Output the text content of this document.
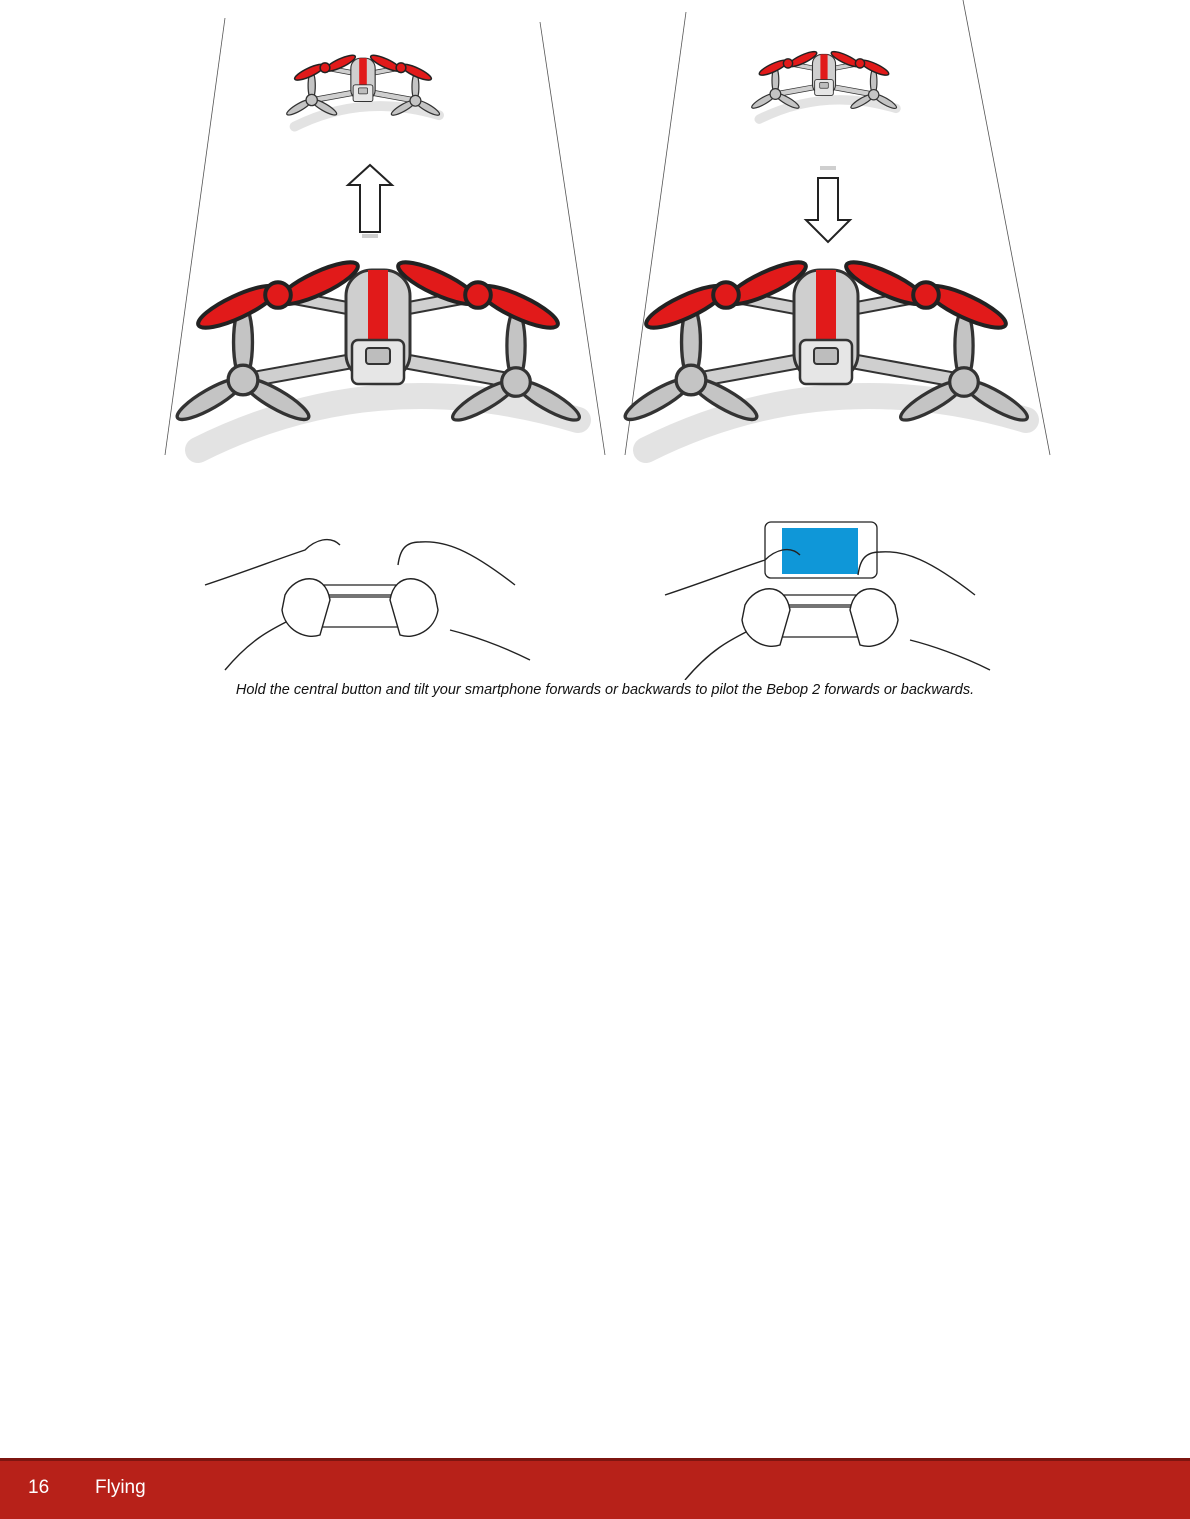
Hold the central button and tilt your smartphone forwards or backwards to pilot the Bebop 2 forwards or backwards.
16 Flying
